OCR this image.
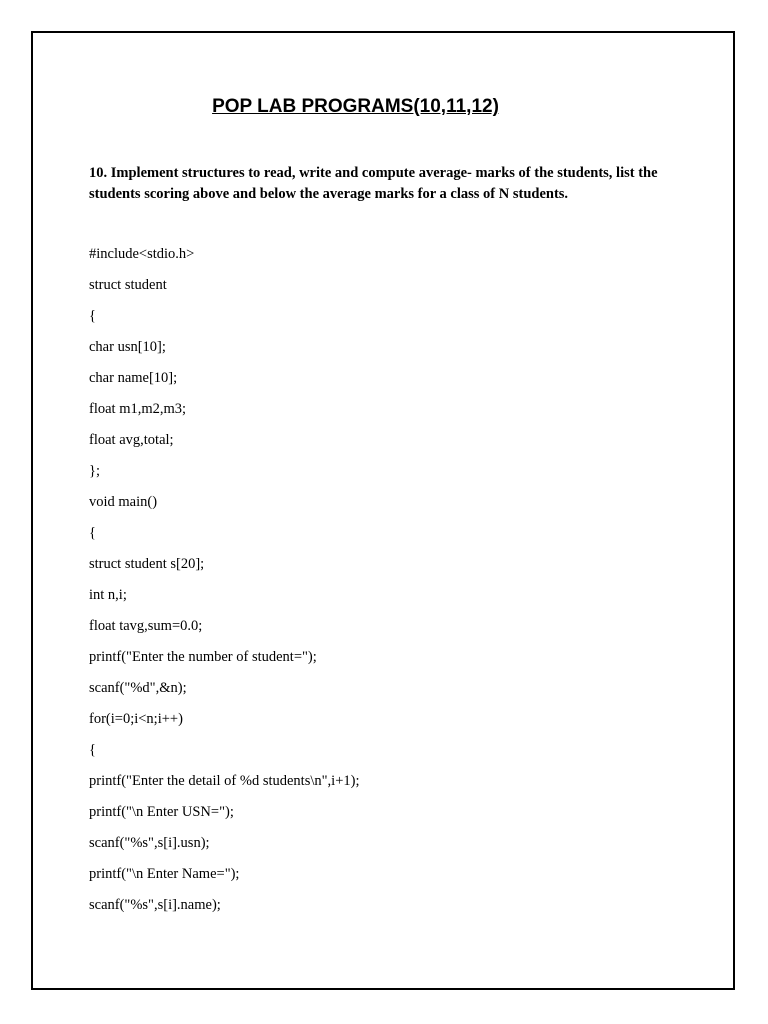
POP LAB PROGRAMS(10,11,12)
10. Implement structures to read, write and compute average- marks of the students, list the students scoring above and below the average marks for a class of N students.
#include<stdio.h>
struct student
{
char usn[10];
char name[10];
float m1,m2,m3;
float avg,total;
};
void main()
{
struct student s[20];
int n,i;
float tavg,sum=0.0;
printf("Enter the number of student=");
scanf("%d",&n);
for(i=0;i<n;i++)
{
printf("Enter the detail of %d students\n",i+1);
printf("\n Enter USN=");
scanf("%s",s[i].usn);
printf("\n Enter Name=");
scanf("%s",s[i].name);
